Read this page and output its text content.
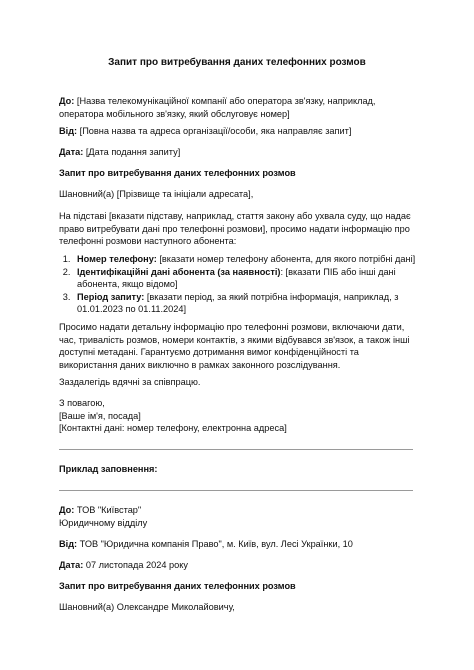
Запит про витребування даних телефонних розмов
До: [Назва телекомунікаційної компанії або оператора зв'язку, наприклад, оператора мобільного зв'язку, який обслуговує номер]
Від: [Повна назва та адреса організації/особи, яка направляє запит]
Дата: [Дата подання запиту]
Запит про витребування даних телефонних розмов
Шановний(а) [Прізвище та ініціали адресата],
На підставі [вказати підставу, наприклад, стаття закону або ухвала суду, що надає право витребувати дані про телефонні розмови], просимо надати інформацію про телефонні розмови наступного абонента:
1. Номер телефону: [вказати номер телефону абонента, для якого потрібні дані]
2. Ідентифікаційні дані абонента (за наявності): [вказати ПІБ або інші дані абонента, якщо відомо]
3. Період запиту: [вказати період, за який потрібна інформація, наприклад, з 01.01.2023 по 01.11.2024]
Просимо надати детальну інформацію про телефонні розмови, включаючи дати, час, тривалість розмов, номери контактів, з якими відбувався зв'язок, а також інші доступні метадані. Гарантуємо дотримання вимог конфіденційності та використання даних виключно в рамках законного розслідування.
Заздалегідь вдячні за співпрацю.
З повагою,
[Ваше ім'я, посада]
[Контактні дані: номер телефону, електронна адреса]
Приклад заповнення:
До: ТОВ "Київстар"
Юридичному відділу
Від: ТОВ "Юридична компанія Право", м. Київ, вул. Лесі Українки, 10
Дата: 07 листопада 2024 року
Запит про витребування даних телефонних розмов
Шановний(а) Олександре Миколайовичу,
